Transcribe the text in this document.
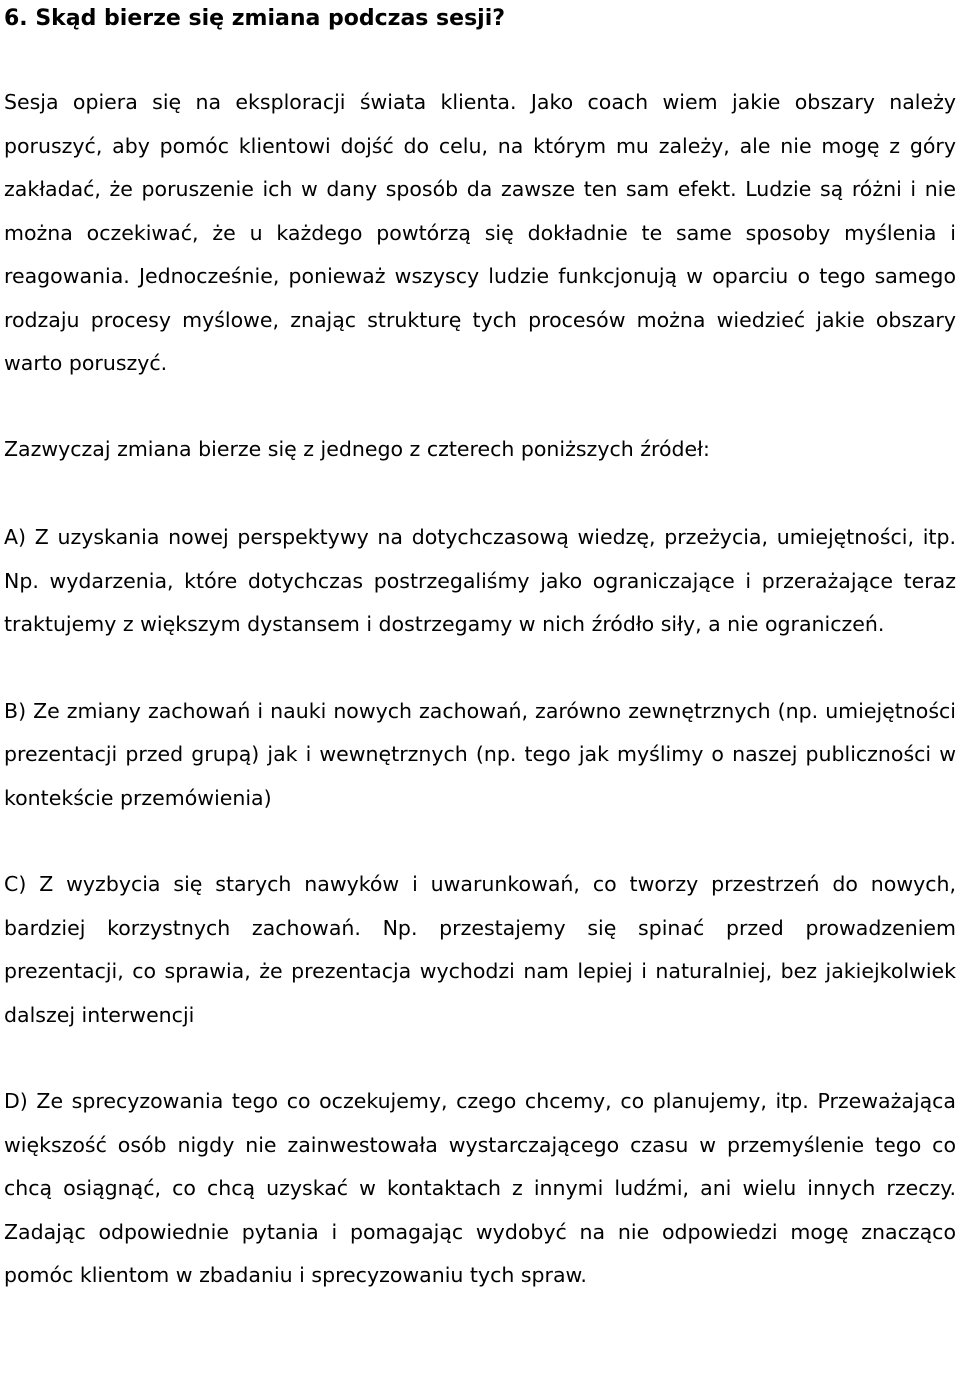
6. Skąd bierze się zmiana podczas sesji?

Sesja opiera się na eksploracji świata klienta. Jako coach wiem jakie obszary należy poruszyć, aby pomóc klientowi dojść do celu, na którym mu zależy, ale nie mogę z góry zakładać, że poruszenie ich w dany sposób da zawsze ten sam efekt. Ludzie są różni i nie można oczekiwać, że u każdego powtórzą się dokładnie te same sposoby myślenia i reagowania. Jednocześnie, ponieważ wszyscy ludzie funkcjonują w oparciu o tego samego rodzaju procesy myślowe, znając strukturę tych procesów można wiedzieć jakie obszary warto poruszyć.

Zazwyczaj zmiana bierze się z jednego z czterech poniższych źródeł:

A) Z uzyskania nowej perspektywy na dotychczasową wiedzę, przeżycia, umiejętności, itp. Np. wydarzenia, które dotychczas postrzegaliśmy jako ograniczające i przerażające teraz traktujemy z większym dystansem i dostrzegamy w nich źródło siły, a nie ograniczeń.

B) Ze zmiany zachowań i nauki nowych zachowań, zarówno zewnętrznych (np. umiejętności prezentacji przed grupą) jak i wewnętrznych (np. tego jak myślimy o naszej publiczności w kontekście przemówienia)

C) Z wyzbycia się starych nawyków i uwarunkowań, co tworzy przestrzeń do nowych, bardziej korzystnych zachowań. Np. przestajemy się spinać przed prowadzeniem prezentacji, co sprawia, że prezentacja wychodzi nam lepiej i naturalniej, bez jakiejkolwiek dalszej interwencji

D) Ze sprecyzowania tego co oczekujemy, czego chcemy, co planujemy, itp. Przeważająca większość osób nigdy nie zainwestowała wystarczającego czasu w przemyślenie tego co chcą osiągnąć, co chcą uzyskać w kontaktach z innymi ludźmi, ani wielu innych rzeczy. Zadając odpowiednie pytania i pomagając wydobyć na nie odpowiedzi mogę znacząco pomóc klientom w zbadaniu i sprecyzowaniu tych spraw.
